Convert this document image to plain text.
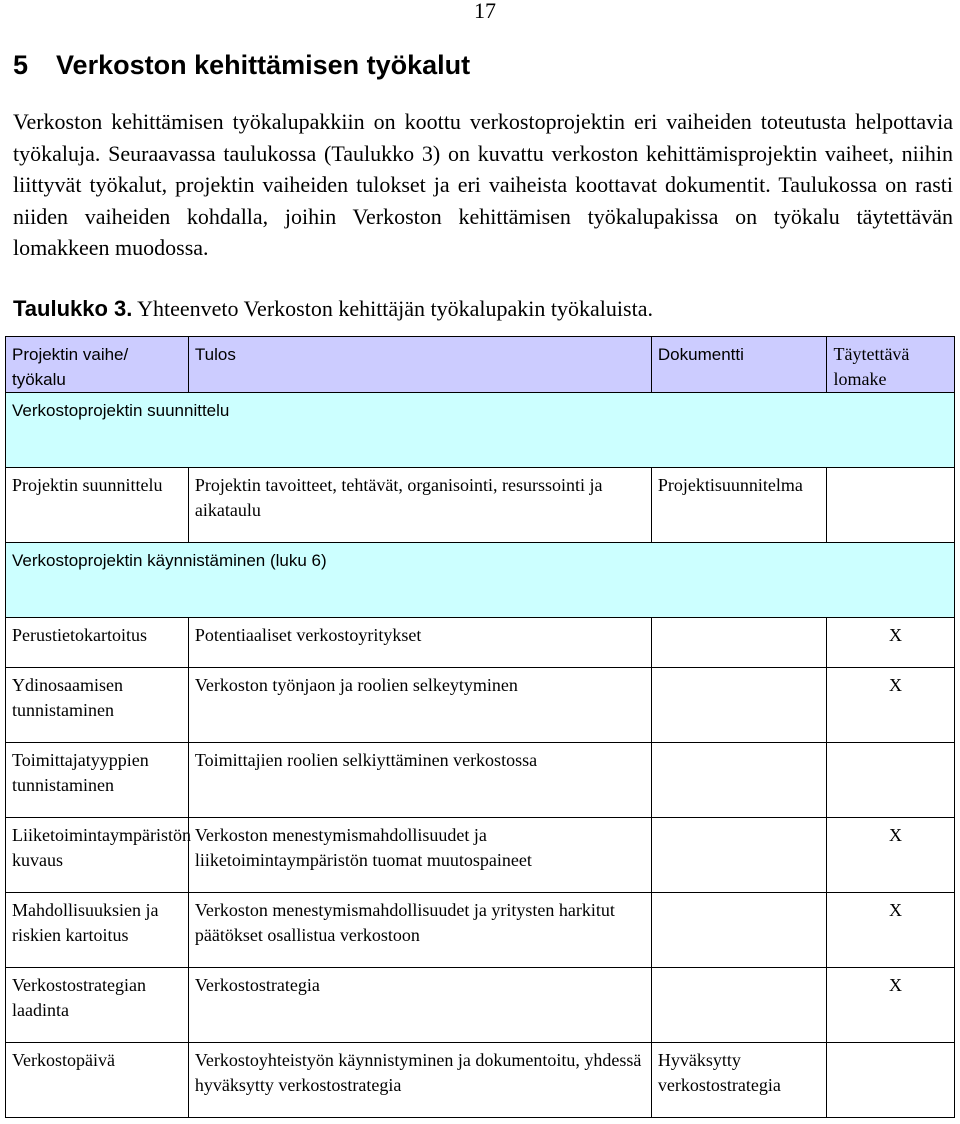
17
5 Verkoston kehittämisen työkalut

Verkoston kehittämisen työkalupakkiin on koottu verkostoprojektin eri vaiheiden toteutusta helpottavia työkaluja. Seuraavassa taulukossa (Taulukko 3) on kuvattu verkoston kehittämisprojektin vaiheet, niihin liittyvät työkalut, projektin vaiheiden tulokset ja eri vaiheista koottavat dokumentit. Taulukossa on rasti niiden vaiheiden kohdalla, joihin Verkoston kehittämisen työkalupakissa on työkalu täytettävän lomakkeen muodossa.

Taulukko 3. Yhteenveto Verkoston kehittäjän työkalupakin työkaluista.

Projektin vaihe/ työkalu	Tulos	Dokumentti	Täytettävä lomake
Verkostoprojektin suunnittelu			
Projektin suunnittelu	Projektin tavoitteet, tehtävät, organisointi, resurssointi ja aikataulu	Projektisuunnitelma	
Verkostoprojektin käynnistäminen (luku 6)			
Perustietokartoitus	Potentiaaliset verkostoyritykset		X
Ydinosaamisen tunnistaminen	Verkoston työnjaon ja roolien selkeytyminen		X
Toimittajatyyppien tunnistaminen	Toimittajien roolien selkiyttäminen verkostossa		
Liiketoimintaympäristön kuvaus	Verkoston menestymismahdollisuudet ja liiketoimintaympäristön tuomat muutospaineet		X
Mahdollisuuksien ja riskien kartoitus	Verkoston menestymismahdollisuudet ja yritysten harkitut päätökset osallistua verkostoon		X
Verkostostrategian laadinta	Verkostostrategia		X
Verkostopäivä	Verkostoyhteistyön käynnistyminen ja dokumentoitu, yhdessä hyväksytty verkostostrategia	Hyväksytty verkostostrategia	
